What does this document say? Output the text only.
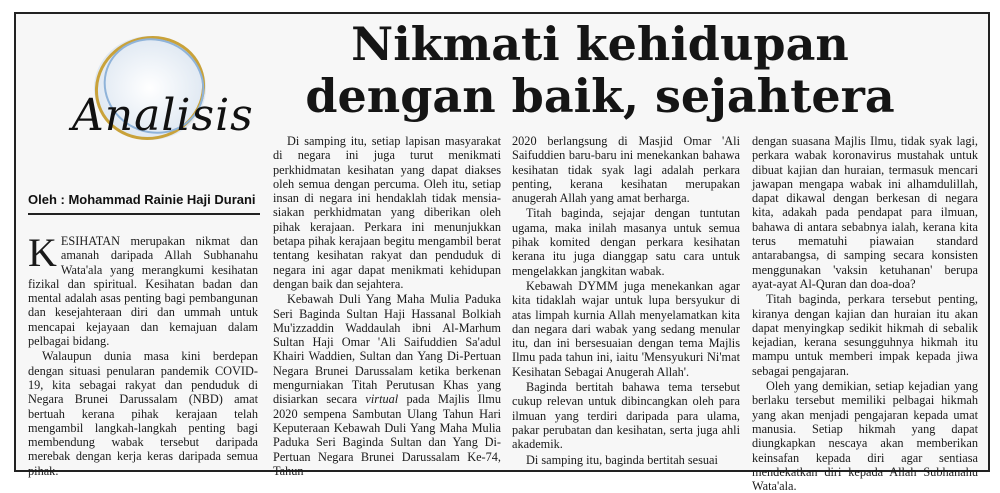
Analisis
Nikmati kehidupan
dengan baik, sejahtera
Oleh : Mohammad Rainie Haji Durani

KESIHATAN merupakan nikmat dan amanah daripada Allah Subhanahu Wata'ala yang merangkumi kesihatan fizikal dan spiritual. Kesihatan badan dan mental adalah asas penting bagi pembangunan dan kesejahteraan diri dan ummah untuk mencapai kejayaan dan kemajuan dalam pelbagai bidang.

Walaupun dunia masa kini berdepan dengan situasi penularan pandemik COVID-19, kita sebagai rakyat dan penduduk di Negara Brunei Darussalam (NBD) amat bertuah kerana pihak kerajaan telah mengambil langkah-langkah penting bagi membendung wabak tersebut daripada merebak dengan kerja keras daripada semua pihak.

Di samping itu, setiap lapisan masyarakat di negara ini juga turut menikmati perkhidmatan kesihatan yang dapat diakses oleh semua dengan percuma. Oleh itu, setiap insan di negara ini hendaklah tidak mensia-siakan perkhidmatan yang diberikan oleh pihak kerajaan. Perkara ini menunjukkan betapa pihak kerajaan begitu mengambil berat tentang kesihatan rakyat dan penduduk di negara ini agar dapat menikmati kehidupan dengan baik dan sejahtera.

Kebawah Duli Yang Maha Mulia Paduka Seri Baginda Sultan Haji Hassanal Bolkiah Mu'izzaddin Waddaulah ibni Al-Marhum Sultan Haji Omar 'Ali Saifuddien Sa'adul Khairi Waddien, Sultan dan Yang Di-Pertuan Negara Brunei Darussalam ketika berkenan mengurniakan Titah Perutusan Khas yang disiarkan secara virtual pada Majlis Ilmu 2020 sempena Sambutan Ulang Tahun Hari Keputeraan Kebawah Duli Yang Maha Mulia Paduka Seri Baginda Sultan dan Yang Di-Pertuan Negara Brunei Darussalam Ke-74, Tahun

2020 berlangsung di Masjid Omar 'Ali Saifuddien baru-baru ini menekankan bahawa kesihatan tidak syak lagi adalah perkara penting, kerana kesihatan merupakan anugerah Allah yang amat berharga.

Titah baginda, sejajar dengan tuntutan ugama, maka inilah masanya untuk semua pihak komited dengan perkara kesihatan kerana itu juga dianggap satu cara untuk mengelakkan jangkitan wabak.

Kebawah DYMM juga menekankan agar kita tidaklah wajar untuk lupa bersyukur di atas limpah kurnia Allah menyelamatkan kita dan negara dari wabak yang sedang menular itu, dan ini bersesuaian dengan tema Majlis Ilmu pada tahun ini, iaitu 'Mensyukuri Ni'mat Kesihatan Sebagai Anugerah Allah'.

Baginda bertitah bahawa tema tersebut cukup relevan untuk dibincangkan oleh para ilmuan yang terdiri daripada para ulama, pakar perubatan dan kesihatan, serta juga ahli akademik.

Di samping itu, baginda bertitah sesuai

dengan suasana Majlis Ilmu, tidak syak lagi, perkara wabak koronavirus mustahak untuk dibuat kajian dan huraian, termasuk mencari jawapan mengapa wabak ini alhamdulillah, dapat dikawal dengan berkesan di negara kita, adakah pada pendapat para ilmuan, bahawa di antara sebabnya ialah, kerana kita terus mematuhi piawaian standard antarabangsa, di samping secara konsisten menggunakan 'vaksin ketuhanan' berupa ayat-ayat Al-Quran dan doa-doa?

Titah baginda, perkara tersebut penting, kiranya dengan kajian dan huraian itu akan dapat menyingkap sedikit hikmah di sebalik kejadian, kerana sesungguhnya hikmah itu mampu untuk memberi impak kepada jiwa sebagai pengajaran.

Oleh yang demikian, setiap kejadian yang berlaku tersebut memiliki pelbagai hikmah yang akan menjadi pengajaran kepada umat manusia. Setiap hikmah yang dapat diungkapkan nescaya akan memberikan keinsafan kepada diri agar sentiasa mendekatkan diri kepada Allah Subhanahu Wata'ala.
